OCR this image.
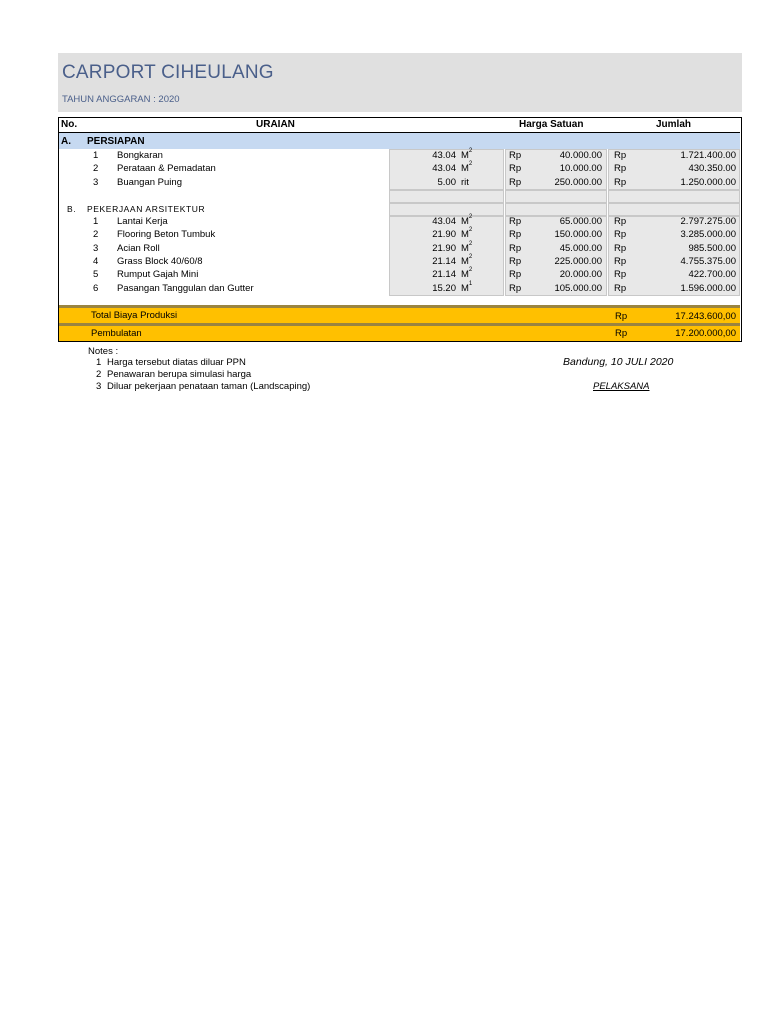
CARPORT CIHEULANG
TAHUN ANGGARAN : 2020
No.	URAIAN	Harga Satuan	Jumlah
A. PERSIAPAN
1 Bongkaran	43.04 $M^2$	Rp	40.000.00 Rp	1.721.400.00
2 Perataan & Pemadatan	43.04 $M^2$	Rp	10.000.00 Rp	430.350.00
3 Buangan Puing	5.00 rit	Rp	250.000.00 Rp	1.250.000.00
B. PEKERJAAN ARSITEKTUR
1 Lantai Kerja	43.04 $M^2$	Rp	65.000.00 Rp	2.797.275.00
2 Flooring Beton Tumbuk	21.90 $M^2$	Rp	150.000.00 Rp	3.285.000.00
3 Acian Roll	21.90 $M^2$	Rp	45.000.00 Rp	985.500.00
4 Grass Block 40/60/8	21.14 $M^2$	Rp	225.000.00 Rp	4.755.375.00
5 Rumput Gajah Mini	21.14 $M^2$	Rp	20.000.00 Rp	422.700.00
6 Pasangan Tanggulan dan Gutter	15.20 $M^1$	Rp	105.000.00 Rp	1.596.000.00
Total Biaya Produksi	Rp	17.243.600,00
Pembulatan	Rp	17.200.000,00
Notes :
1 Harga tersebut diatas diluar PPN
2 Penawaran berupa simulasi harga
3 Diluar pekerjaan penataan taman (Landscaping)
Bandung, 10 JULI 2020
PELAKSANA
